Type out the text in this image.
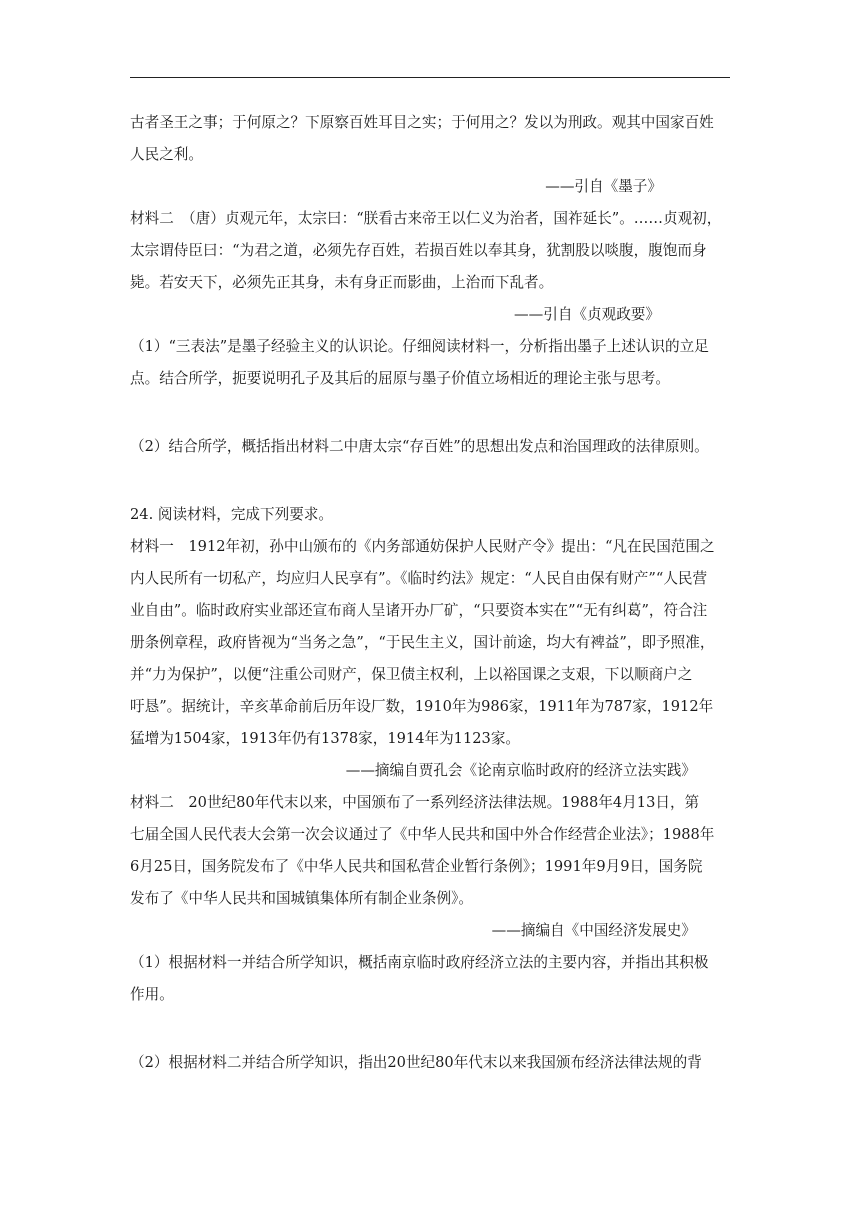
古者圣王之事；于何原之？下原察百姓耳目之实；于何用之？发以为刑政。观其中国家百姓
人民之利。
——引自《墨子》
材料二　（唐）贞观元年，太宗曰：“朕看古来帝王以仁义为治者，国祚延长”。……贞观初，
太宗谓侍臣曰：“为君之道，必须先存百姓，若损百姓以奉其身，犹割股以啖腹，腹饱而身
毙。若安天下，必须先正其身，未有身正而影曲，上治而下乱者。
——引自《贞观政要》
（1）“三表法”是墨子经验主义的认识论。仔细阅读材料一，分析指出墨子上述认识的立足
点。结合所学，扼要说明孔子及其后的屈原与墨子价值立场相近的理论主张与思考。
（2）结合所学，概括指出材料二中唐太宗“存百姓”的思想出发点和治国理政的法律原则。
24. 阅读材料，完成下列要求。
材料一　1912年初，孙中山颁布的《内务部通妨保护人民财产令》提出：“凡在民国范围之
内人民所有一切私产，均应归人民享有”。《临时约法》规定：“人民自由保有财产”“人民营
业自由”。临时政府实业部还宣布商人呈诸开办厂矿，“只要资本实在”“无有纠葛”，符合注
册条例章程，政府皆视为“当务之急”，“于民生主义，国计前途，均大有裨益”，即予照准，
并“力为保护”，以便“注重公司财产，保卫债主权利，上以裕国课之支艰，下以顺商户之
吁恳”。据统计，辛亥革命前后历年设厂数，1910年为986家，1911年为787家，1912年
猛增为1504家，1913年仍有1378家，1914年为1123家。
——摘编自贾孔会《论南京临时政府的经济立法实践》
材料二　20世纪80年代末以来，中国颁布了一系列经济法律法规。1988年4月13日，第
七届全国人民代表大会第一次会议通过了《中华人民共和国中外合作经营企业法》；1988年
6月25日，国务院发布了《中华人民共和国私营企业暂行条例》；1991年9月9日，国务院
发布了《中华人民共和国城镇集体所有制企业条例》。
——摘编自《中国经济发展史》
（1）根据材料一并结合所学知识，概括南京临时政府经济立法的主要内容，并指出其积极
作用。
（2）根据材料二并结合所学知识，指出20世纪80年代末以来我国颁布经济法律法规的背
